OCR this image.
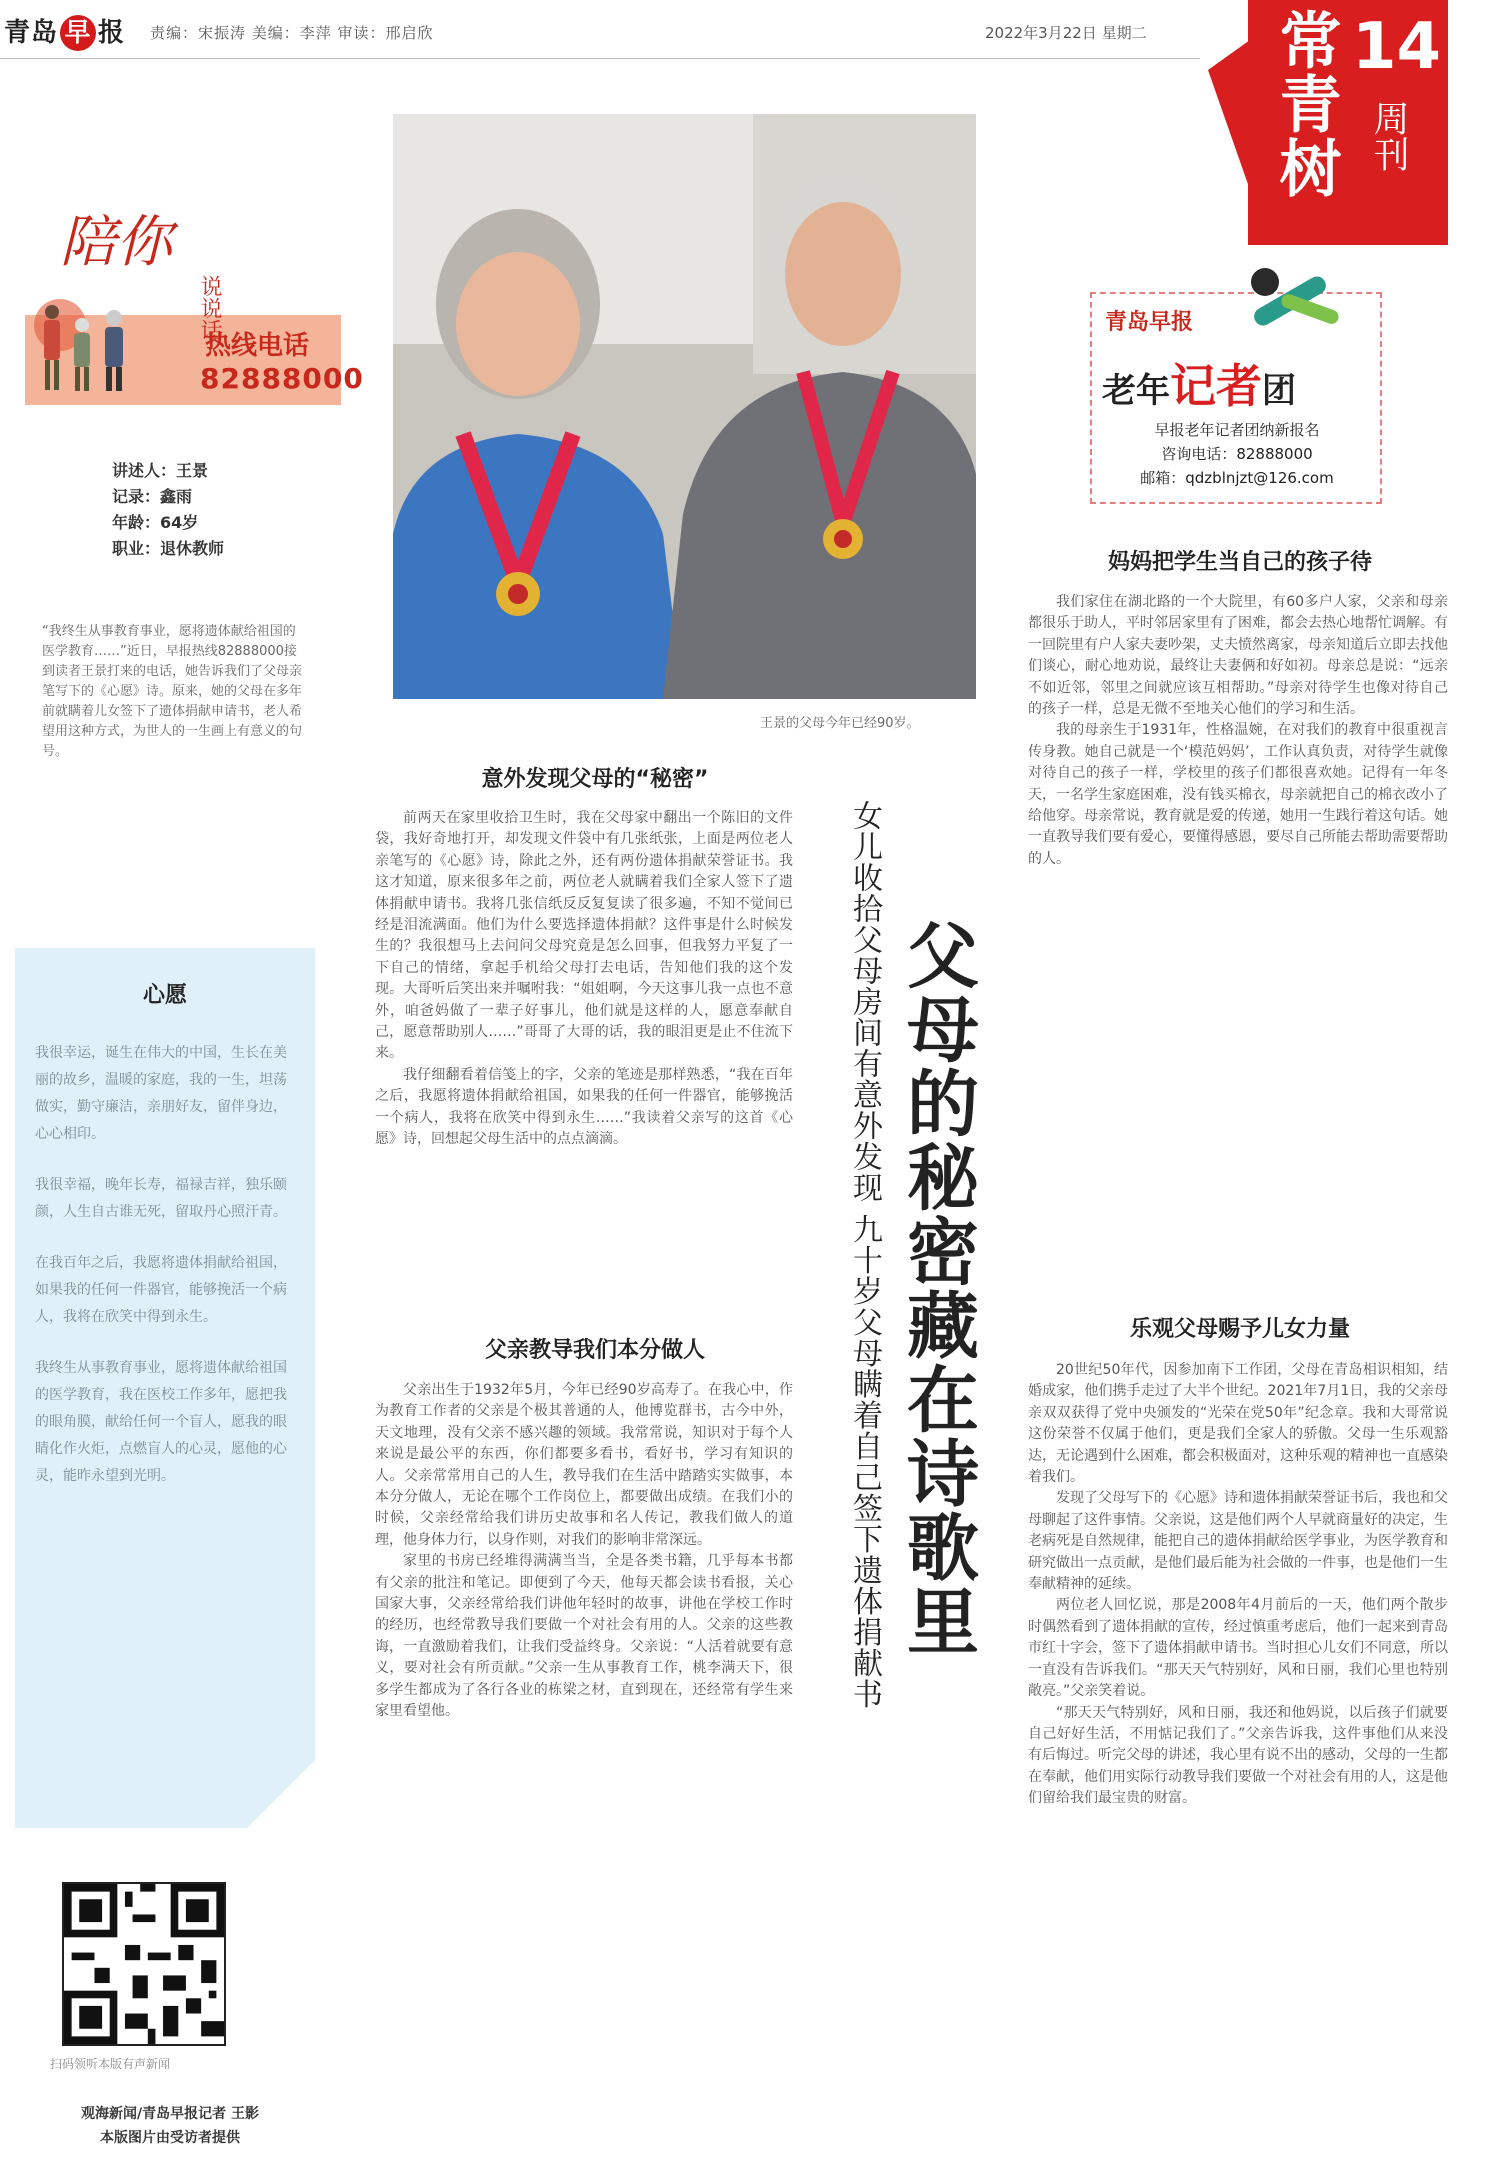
青岛 早 报 责编：宋振涛 美编：李萍 审读：邢启欣	2022年3月22日 星期二 常青树 14
周刊
陪你
说说话
热线电话
82888000
讲述人：王景
记录：鑫雨
年龄：64岁
职业：退休教师
“我终生从事教育事业，愿将遗体献给祖国的医学教育……”近日，早报热线82888000接到读者王景打来的电话，她告诉我们了父母亲笔写下的《心愿》诗。原来，她的父母在多年前就瞒着儿女签下了遗体捐献申请书，老人希望用这种方式，为世人的一生画上有意义的句号。
心愿

我很幸运，诞生在伟大的中国，生长在美丽的故乡，温暖的家庭，我的一生，坦荡做实，勤守廉洁，亲朋好友，留伴身边，心心相印。

我很幸福，晚年长寿，福禄吉祥，独乐颐颜，人生自古谁无死，留取丹心照汗青。

在我百年之后，我愿将遗体捐献给祖国，如果我的任何一件器官，能够挽活一个病人，我将在欣笑中得到永生。

我终生从事教育事业，愿将遗体献给祖国的医学教育，我在医校工作多年，愿把我的眼角膜，献给任何一个盲人，愿我的眼睛化作火炬，点燃盲人的心灵，愿他的心灵，能昨永望到光明。

扫码领听本版有声新闻
观海新闻/青岛早报记者 王影
本版图片由受访者提供
王景的父母今年已经90岁。
意外发现父母的“秘密”

前两天在家里收拾卫生时，我在父母家中翻出一个陈旧的文件袋，我好奇地打开，却发现文件袋中有几张纸张，上面是两位老人亲笔写的《心愿》诗，除此之外，还有两份遗体捐献荣誉证书。我这才知道，原来很多年之前，两位老人就瞒着我们全家人签下了遗体捐献申请书。我将几张信纸反反复复读了很多遍，不知不觉间已经是泪流满面。他们为什么要选择遗体捐献？这件事是什么时候发生的？我很想马上去问问父母究竟是怎么回事，但我努力平复了一下自己的情绪，拿起手机给父母打去电话，告知他们我的这个发现。大哥听后笑出来并嘱咐我：“姐姐啊，今天这事儿我一点也不意外，咱爸妈做了一辈子好事儿，他们就是这样的人，愿意奉献自己，愿意帮助别人……”哥哥了大哥的话，我的眼泪更是止不住流下来。

我仔细翻看着信笺上的字，父亲的笔迹是那样熟悉，“我在百年之后，我愿将遗体捐献给祖国，如果我的任何一件器官，能够挽活一个病人，我将在欣笑中得到永生……”我读着父亲写的这首《心愿》诗，回想起父母生活中的点点滴滴。

父亲教导我们本分做人

父亲出生于1932年5月，今年已经90岁高寿了。在我心中，作为教育工作者的父亲是个极其普通的人，他博览群书，古今中外，天文地理，没有父亲不感兴趣的领域。我常常说，知识对于每个人来说是最公平的东西，你们都要多看书，看好书，学习有知识的人。父亲常常用自己的人生，教导我们在生活中踏踏实实做事，本本分分做人，无论在哪个工作岗位上，都要做出成绩。在我们小的时候，父亲经常给我们讲历史故事和名人传记，教我们做人的道理，他身体力行，以身作则，对我们的影响非常深远。

家里的书房已经堆得满满当当，全是各类书籍，几乎每本书都有父亲的批注和笔记。即便到了今天，他每天都会读书看报，关心国家大事，父亲经常给我们讲他年轻时的故事，讲他在学校工作时的经历，也经常教导我们要做一个对社会有用的人。父亲的这些教诲，一直激励着我们，让我们受益终身。父亲说：“人活着就要有意义，要对社会有所贡献。”父亲一生从事教育工作，桃李满天下，很多学生都成为了各行各业的栋梁之材，直到现在，还经常有学生来家里看望他。

女儿收拾父母房间有意外发现 九十岁父母瞒着自己签下遗体捐献书 父母的秘密藏在诗歌里
青岛早报
老年记者团
早报老年记者团纳新报名
咨询电话：82888000
邮箱：qdzblnjzt@126.com
妈妈把学生当自己的孩子待

我们家住在湖北路的一个大院里，有60多户人家，父亲和母亲都很乐于助人，平时邻居家里有了困难，都会去热心地帮忙调解。有一回院里有户人家夫妻吵架，丈夫愤然离家，母亲知道后立即去找他们谈心，耐心地劝说，最终让夫妻俩和好如初。母亲总是说：“远亲不如近邻，邻里之间就应该互相帮助。”母亲对待学生也像对待自己的孩子一样，总是无微不至地关心他们的学习和生活。

我的母亲生于1931年，性格温婉，在对我们的教育中很重视言传身教。她自己就是一个‘模范妈妈’，工作认真负责，对待学生就像对待自己的孩子一样，学校里的孩子们都很喜欢她。记得有一年冬天，一名学生家庭困难，没有钱买棉衣，母亲就把自己的棉衣改小了给他穿。母亲常说，教育就是爱的传递，她用一生践行着这句话。她一直教导我们要有爱心，要懂得感恩，要尽自己所能去帮助需要帮助的人。

乐观父母赐予儿女力量

20世纪50年代，因参加南下工作团，父母在青岛相识相知，结婚成家，他们携手走过了大半个世纪。2021年7月1日，我的父亲母亲双双获得了党中央颁发的“光荣在党50年”纪念章。我和大哥常说这份荣誉不仅属于他们，更是我们全家人的骄傲。父母一生乐观豁达，无论遇到什么困难，都会积极面对，这种乐观的精神也一直感染着我们。

发现了父母写下的《心愿》诗和遗体捐献荣誉证书后，我也和父母聊起了这件事情。父亲说，这是他们两个人早就商量好的决定，生老病死是自然规律，能把自己的遗体捐献给医学事业，为医学教育和研究做出一点贡献，是他们最后能为社会做的一件事，也是他们一生奉献精神的延续。

两位老人回忆说，那是2008年4月前后的一天，他们两个散步时偶然看到了遗体捐献的宣传，经过慎重考虑后，他们一起来到青岛市红十字会，签下了遗体捐献申请书。当时担心儿女们不同意，所以一直没有告诉我们。“那天天气特别好，风和日丽，我们心里也特别敞亮。”父亲笑着说。

“那天天气特别好，风和日丽，我还和他妈说，以后孩子们就要自己好好生活，不用惦记我们了。”父亲告诉我，这件事他们从来没有后悔过。听完父母的讲述，我心里有说不出的感动，父母的一生都在奉献，他们用实际行动教导我们要做一个对社会有用的人，这是他们留给我们最宝贵的财富。
